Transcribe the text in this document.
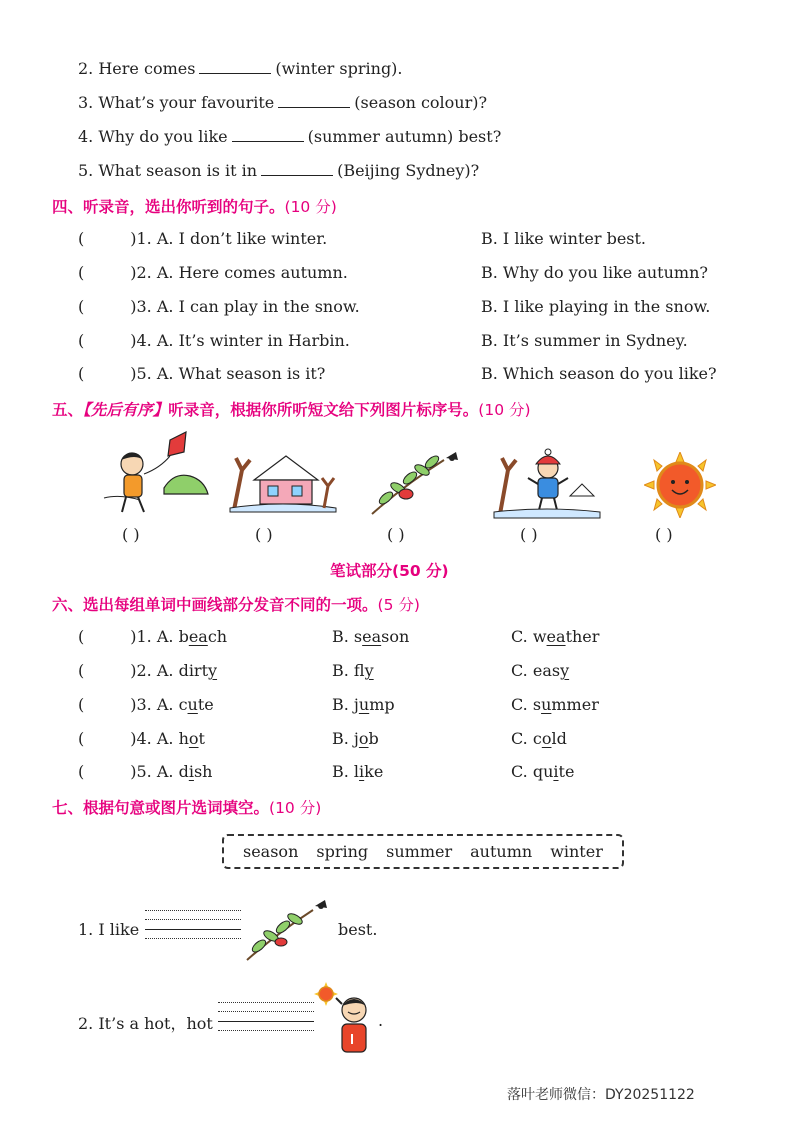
2. Here comes	(winter spring).
3. What’s your favourite	(season colour)?
4. Why do you like	(summer autumn) best?
5. What season is it in	(Beijing Sydney)?
四、听录音，选出你听到的句子。(10 分)
(	)1. A. I don’t like winter.	B. I like winter best.
(	)2. A. Here comes autumn.	B. Why do you like autumn?
(	)3. A. I can play in the snow.	B. I like playing in the snow.
(	)4. A. It’s winter in Harbin.	B. It’s summer in Sydney.
(	)5. A. What season is it?	B. Which season do you like?
五、【先后有序】听录音，根据你所听短文给下列图片标序号。(10 分)
( )	( )	( )	( )	( )
笔试部分(50 分)
六、选出每组单词中画线部分发音不同的一项。(5 分)
(	)1. A. beach	B. season	C. weather
(	)2. A. dirty	B. fly	C. easy
(	)3. A. cute	B. jump	C. summer
(	)4. A. hot	B. job	C. cold
(	)5. A. dish	B. like	C. quite
七、根据句意或图片选词填空。(10 分)
season spring summer autumn winter
1. I like	best.
2. It’s a hot，hot	.
落叶老师微信：DY20251122
